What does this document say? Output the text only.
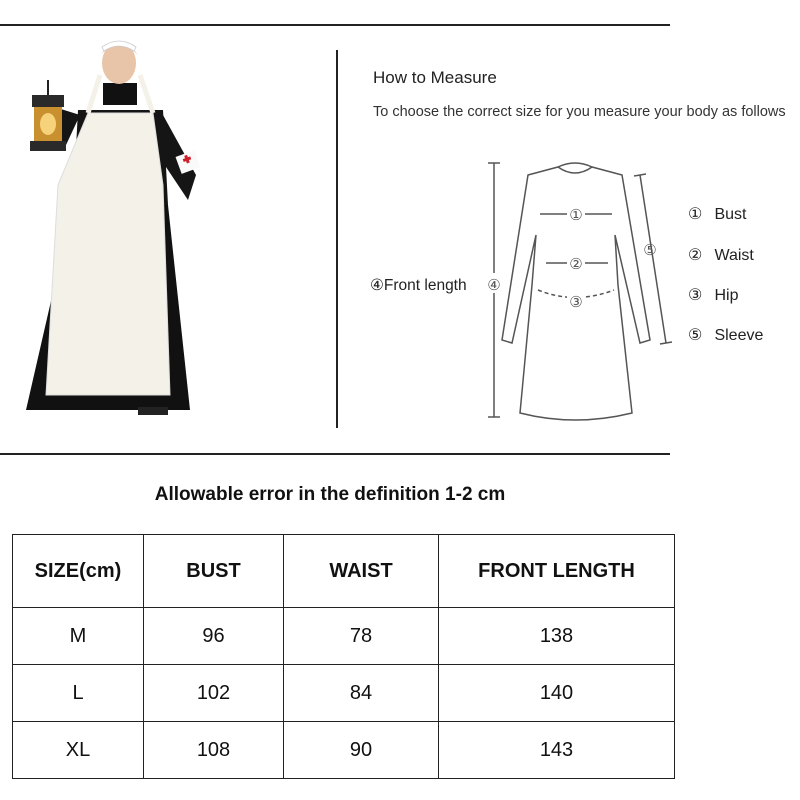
How to Measure
To choose the correct size for you measure your body as follows
①
②
③
④
⑤
④Front length
① Bust
② Waist
③ Hip
⑤ Sleeve
Allowable error in the definition 1-2 cm
SIZE(cm)	BUST	WAIST	FRONT LENGTH
M	96	78	138
L	102	84	140
XL	108	90	143
